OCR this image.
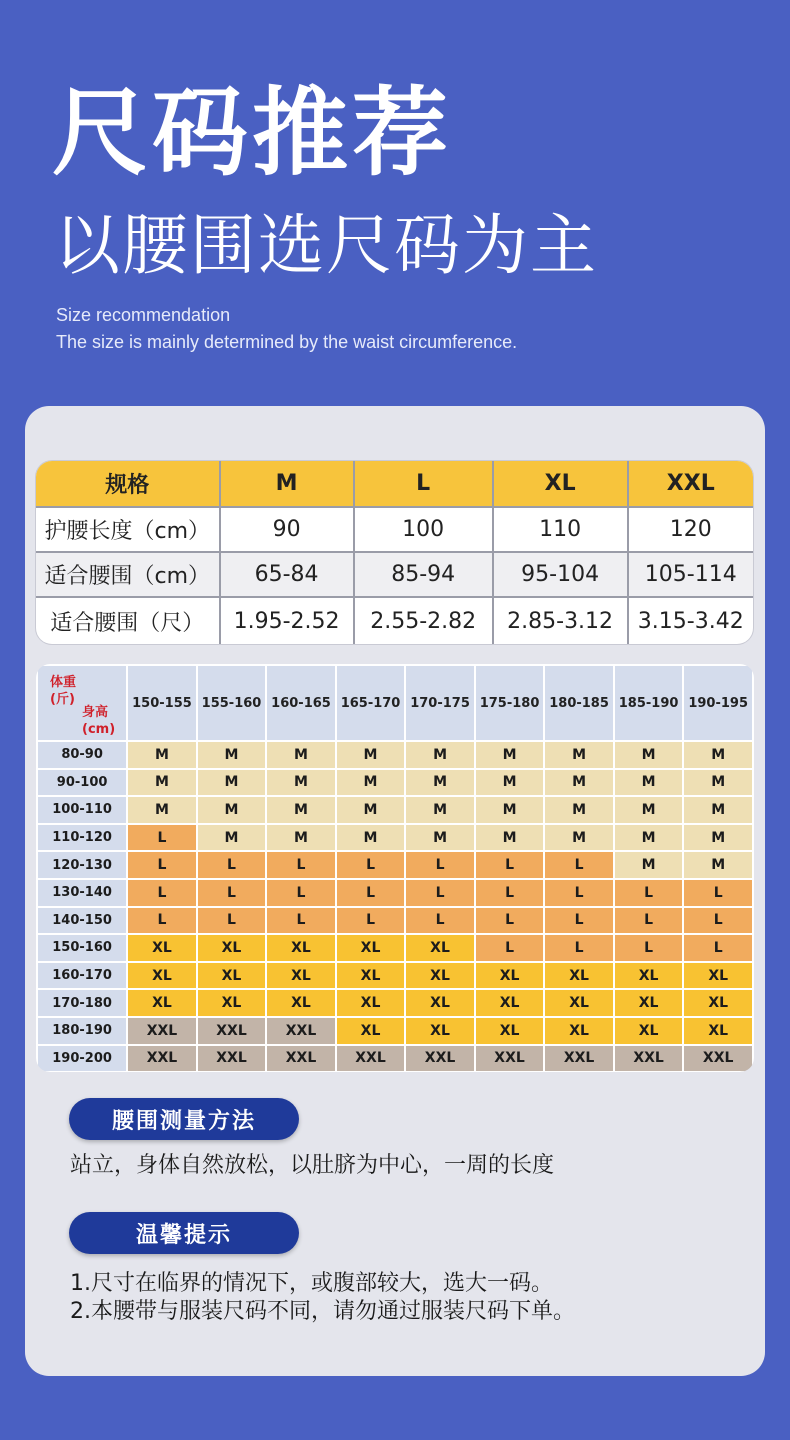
尺码推荐
以腰围选尺码为主
Size recommendation
The size is mainly determined by the waist circumference.
规格	M	L	XL	XXL
护腰长度（cm）	90	100	110	120
适合腰围（cm）	65-84	85-94	95-104	105-114
适合腰围（尺）	1.95-2.52	2.55-2.82	2.85-3.12	3.15-3.42
体重
(斤)
身高
(cm)	150-155	155-160	160-165	165-170	170-175	175-180	180-185	185-190	190-195
80-90	M	M	M	M	M	M	M	M	M
90-100	M	M	M	M	M	M	M	M	M
100-110	M	M	M	M	M	M	M	M	M
110-120	L	M	M	M	M	M	M	M	M
120-130	L	L	L	L	L	L	L	M	M
130-140	L	L	L	L	L	L	L	L	L
140-150	L	L	L	L	L	L	L	L	L
150-160	XL	XL	XL	XL	XL	L	L	L	L
160-170	XL	XL	XL	XL	XL	XL	XL	XL	XL
170-180	XL	XL	XL	XL	XL	XL	XL	XL	XL
180-190	XXL	XXL	XXL	XL	XL	XL	XL	XL	XL
190-200	XXL	XXL	XXL	XXL	XXL	XXL	XXL	XXL	XXL
腰围测量方法
站立，身体自然放松，以肚脐为中心，一周的长度
温馨提示
1.尺寸在临界的情况下，或腹部较大，选大一码。
2.本腰带与服装尺码不同，请勿通过服装尺码下单。
